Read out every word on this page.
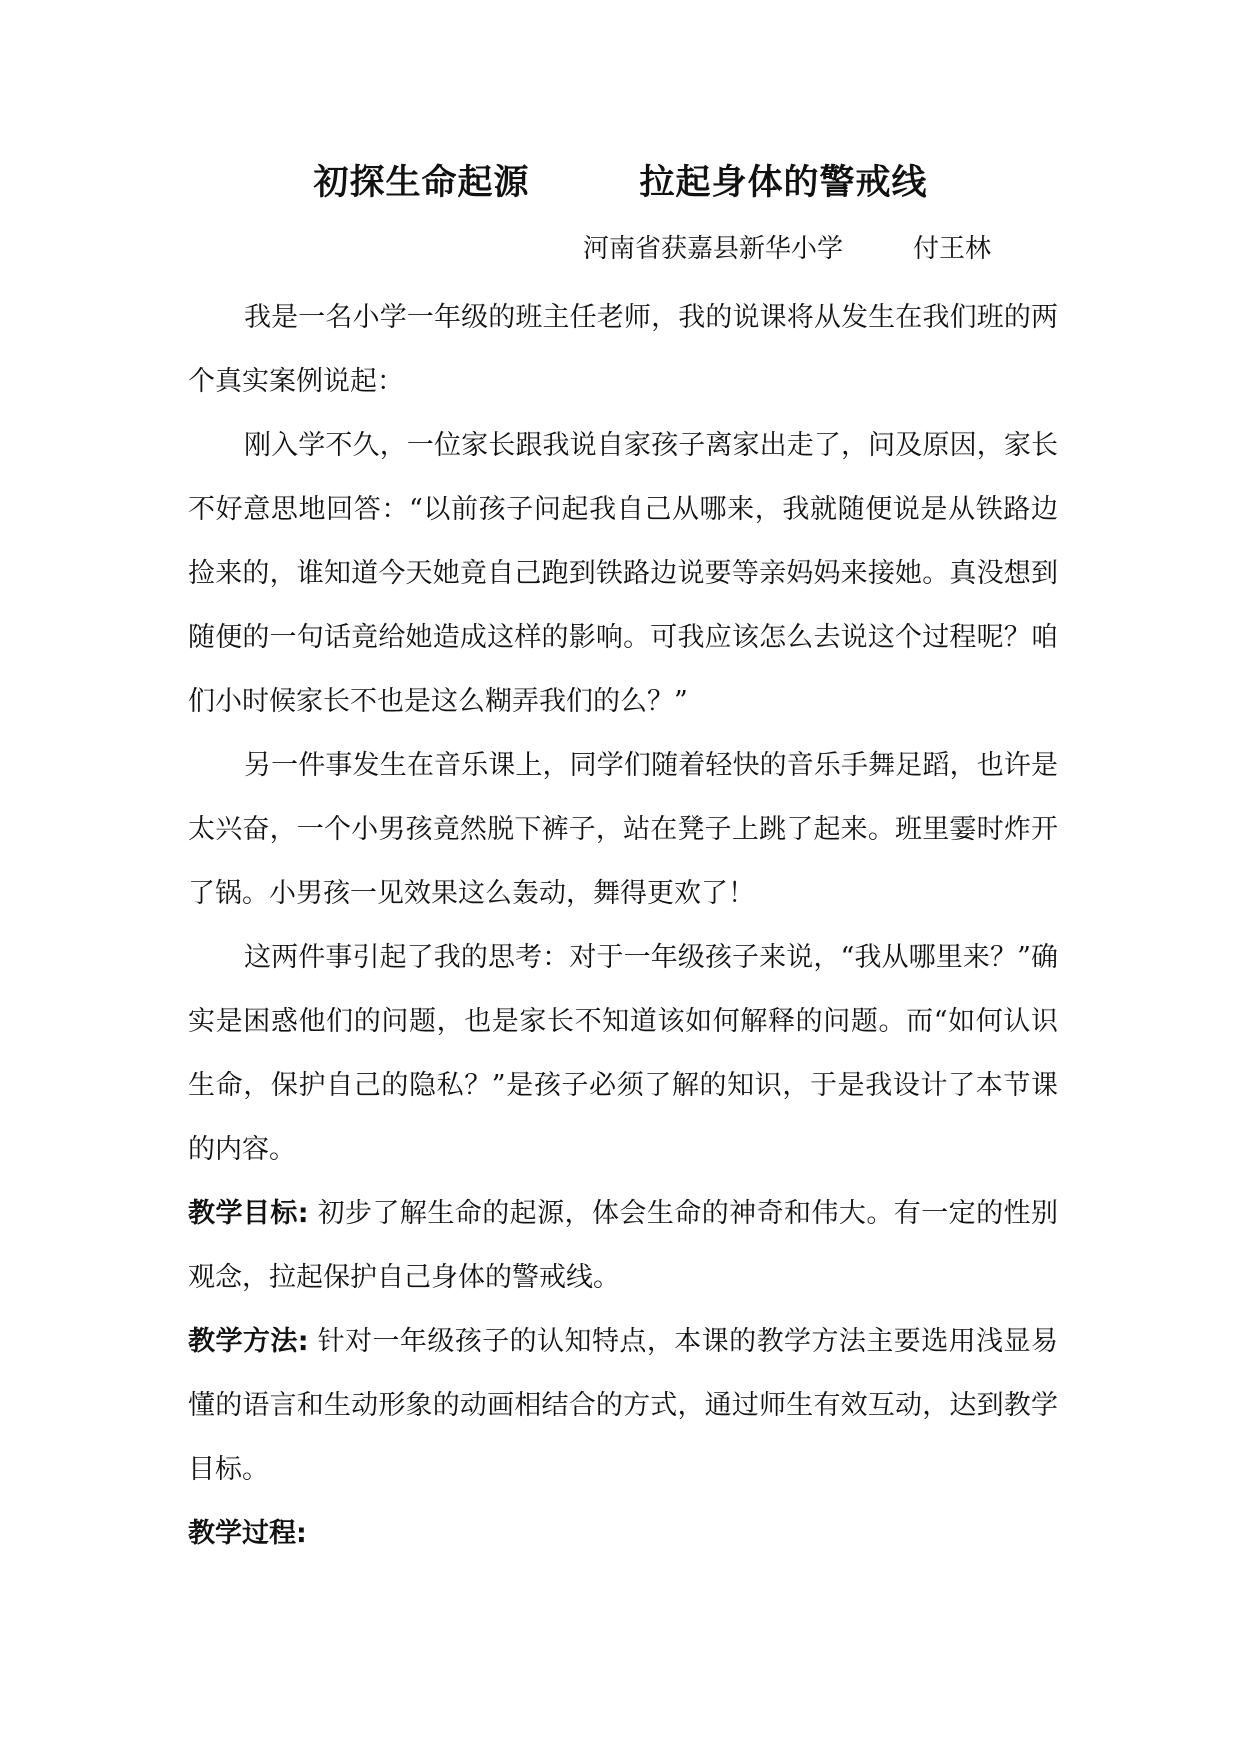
初探生命起源	拉起身体的警戒线
河南省获嘉县新华小学	付王林

我是一名小学一年级的班主任老师，我的说课将从发生在我们班的两个真实案例说起：

刚入学不久，一位家长跟我说自家孩子离家出走了，问及原因，家长不好意思地回答：“以前孩子问起我自己从哪来，我就随便说是从铁路边捡来的，谁知道今天她竟自己跑到铁路边说要等亲妈妈来接她。真没想到随便的一句话竟给她造成这样的影响。可我应该怎么去说这个过程呢？咱们小时候家长不也是这么糊弄我们的么？”

另一件事发生在音乐课上，同学们随着轻快的音乐手舞足蹈，也许是太兴奋，一个小男孩竟然脱下裤子，站在凳子上跳了起来。班里霎时炸开了锅。小男孩一见效果这么轰动，舞得更欢了！

这两件事引起了我的思考：对于一年级孩子来说，“我从哪里来？”确实是困惑他们的问题，也是家长不知道该如何解释的问题。而“如何认识生命，保护自己的隐私？”是孩子必须了解的知识，于是我设计了本节课的内容。

教学目标: 初步了解生命的起源，体会生命的神奇和伟大。有一定的性别观念，拉起保护自己身体的警戒线。

教学方法: 针对一年级孩子的认知特点，本课的教学方法主要选用浅显易懂的语言和生动形象的动画相结合的方式，通过师生有效互动，达到教学目标。

教学过程:
